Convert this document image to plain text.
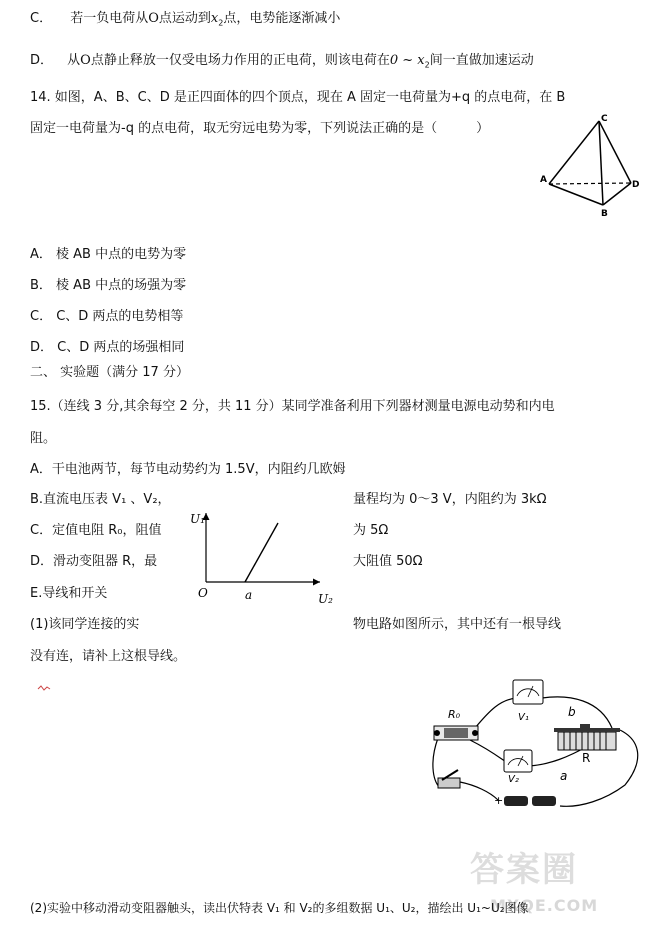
C． 若一负电荷从O点运动到$x_2$点，电势能逐渐减小
D． 从O点静止释放一仅受电场力作用的正电荷，则该电荷在0 ~ $x_2$间一直做加速运动
14. 如图，A、B、C、D 是正四面体的四个顶点，现在 A 固定一电荷量为+q 的点电荷，在 B
固定一电荷量为-q 的点电荷，取无穷远电势为零，下列说法正确的是（　　　）
C
A
B
D
A． 棱 AB 中点的电势为零
B． 棱 AB 中点的场强为零
C． C、D 两点的电势相等
D． C、D 两点的场强相同
二、 实验题（满分 17 分）
15.（连线 3 分,其余每空 2 分，共 11 分）某同学准备利用下列器材测量电源电动势和内电
阻。
A．干电池两节，每节电动势约为 1.5V，内阻约几欧姆
B.直流电压表 V₁ 、V₂，	量程均为 0～3 V，内阻约为 3kΩ
C．定值电阻 R₀，阻值	为 5Ω
D．滑动变阻器 R，最	大阻值 50Ω
E.导线和开关
U₁
U₂
O	a
(1)该同学连接的实	物电路如图所示，其中还有一根导线
没有连，请补上这根导线。
R₀	V₁	b
R
V₂	a
+
答案圈
MXQE.COM
(2)实验中移动滑动变阻器触头，读出伏特表 V₁ 和 V₂的多组数据 U₁、U₂，描绘出 U₁~U₂图像
